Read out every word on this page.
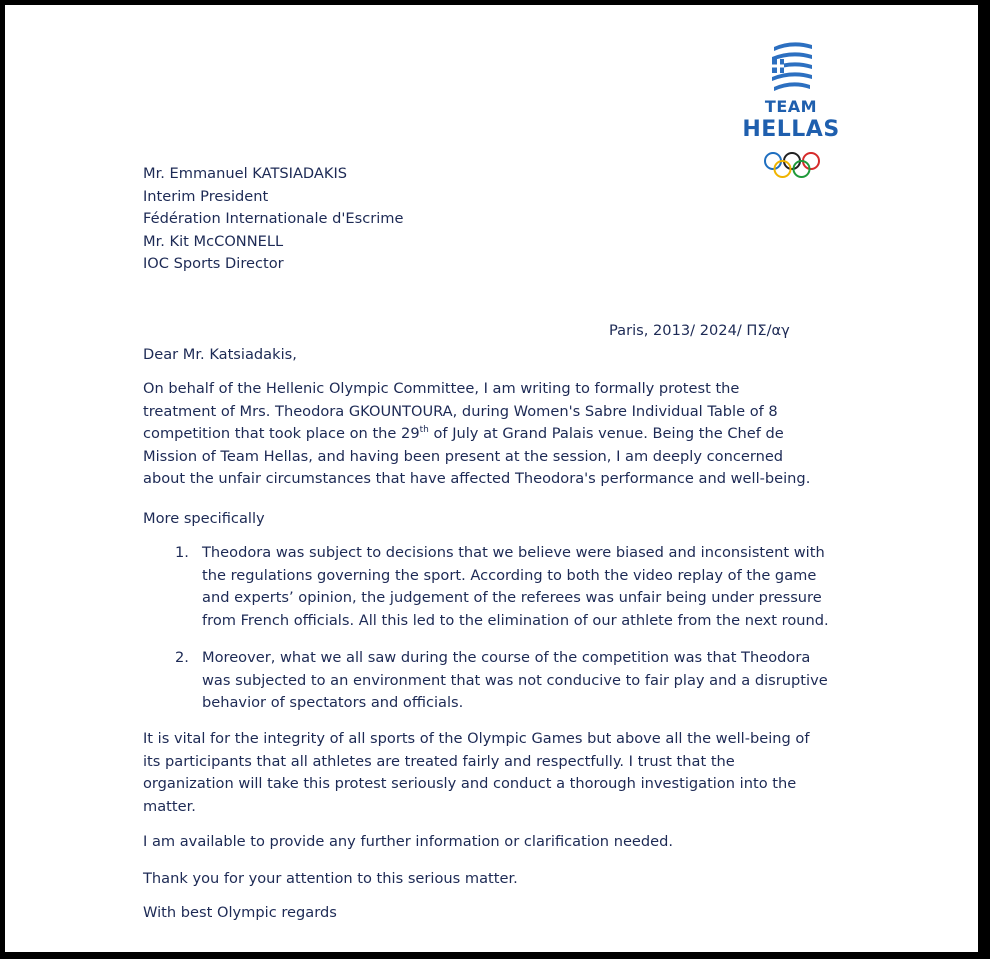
TEAM
HELLAS
Mr. Emmanuel KATSIADAKIS
Interim President
Fédération Internationale d'Escrime
Mr. Kit McCONNELL
IOC Sports Director
Paris, 2013/ 2024/ ΠΣ/αγ
Dear Mr. Katsiadakis,
On behalf of the Hellenic Olympic Committee, I am writing to formally protest the
treatment of Mrs. Theodora GKOUNTOURA, during Women's Sabre Individual Table of 8
competition that took place on the 29th of July at Grand Palais venue. Being the Chef de
Mission of Team Hellas, and having been present at the session, I am deeply concerned
about the unfair circumstances that have affected Theodora's performance and well-being.
More specifically
1. Theodora was subject to decisions that we believe were biased and inconsistent with
the regulations governing the sport. According to both the video replay of the game
and experts’ opinion, the judgement of the referees was unfair being under pressure
from French officials. All this led to the elimination of our athlete from the next round.
2. Moreover, what we all saw during the course of the competition was that Theodora
was subjected to an environment that was not conducive to fair play and a disruptive
behavior of spectators and officials.
It is vital for the integrity of all sports of the Olympic Games but above all the well-being of
its participants that all athletes are treated fairly and respectfully. I trust that the
organization will take this protest seriously and conduct a thorough investigation into the
matter.
I am available to provide any further information or clarification needed.
Thank you for your attention to this serious matter.
With best Olympic regards
